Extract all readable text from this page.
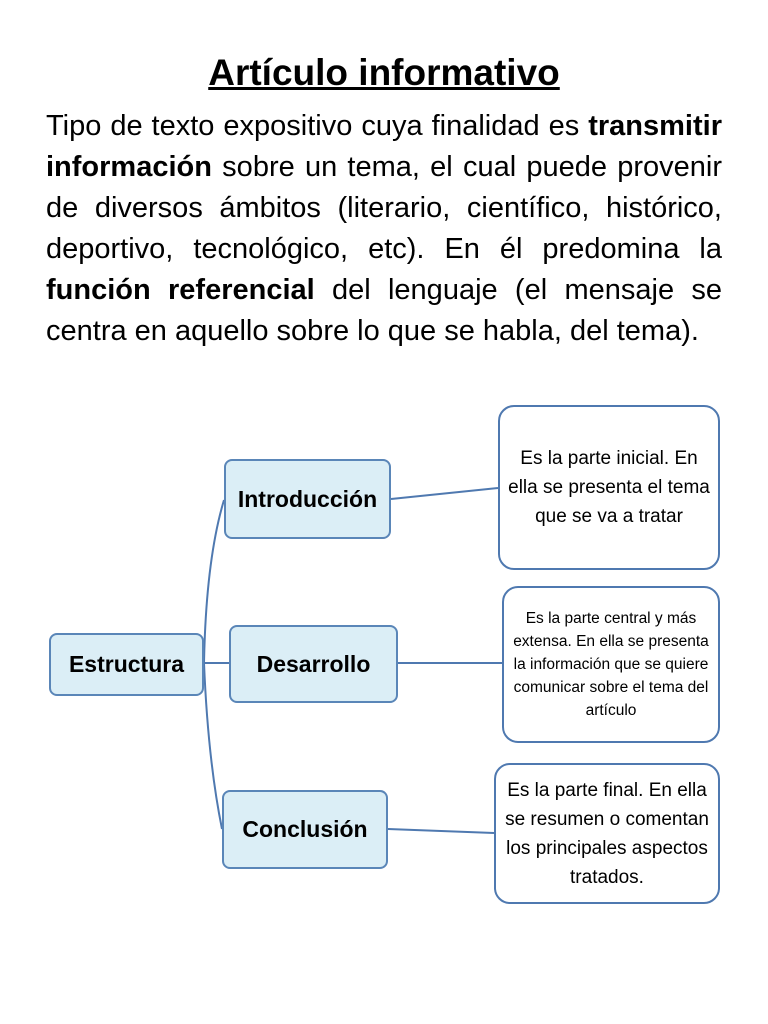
Artículo informativo

Tipo de texto expositivo cuya finalidad es transmitir información sobre un tema, el cual puede provenir de diversos ámbitos (literario, científico, histórico, deportivo, tecnológico, etc). En él predomina la función referencial del lenguaje (el mensaje se centra en aquello sobre lo que se habla, del tema).

Estructura
Introducción
Desarrollo
Conclusión
Es la parte inicial. En ella se presenta el tema que se va a tratar
Es la parte central y más extensa. En ella se presenta la información que se quiere comunicar sobre el tema del artículo
Es la parte final. En ella se resumen o comentan los principales aspectos tratados.
